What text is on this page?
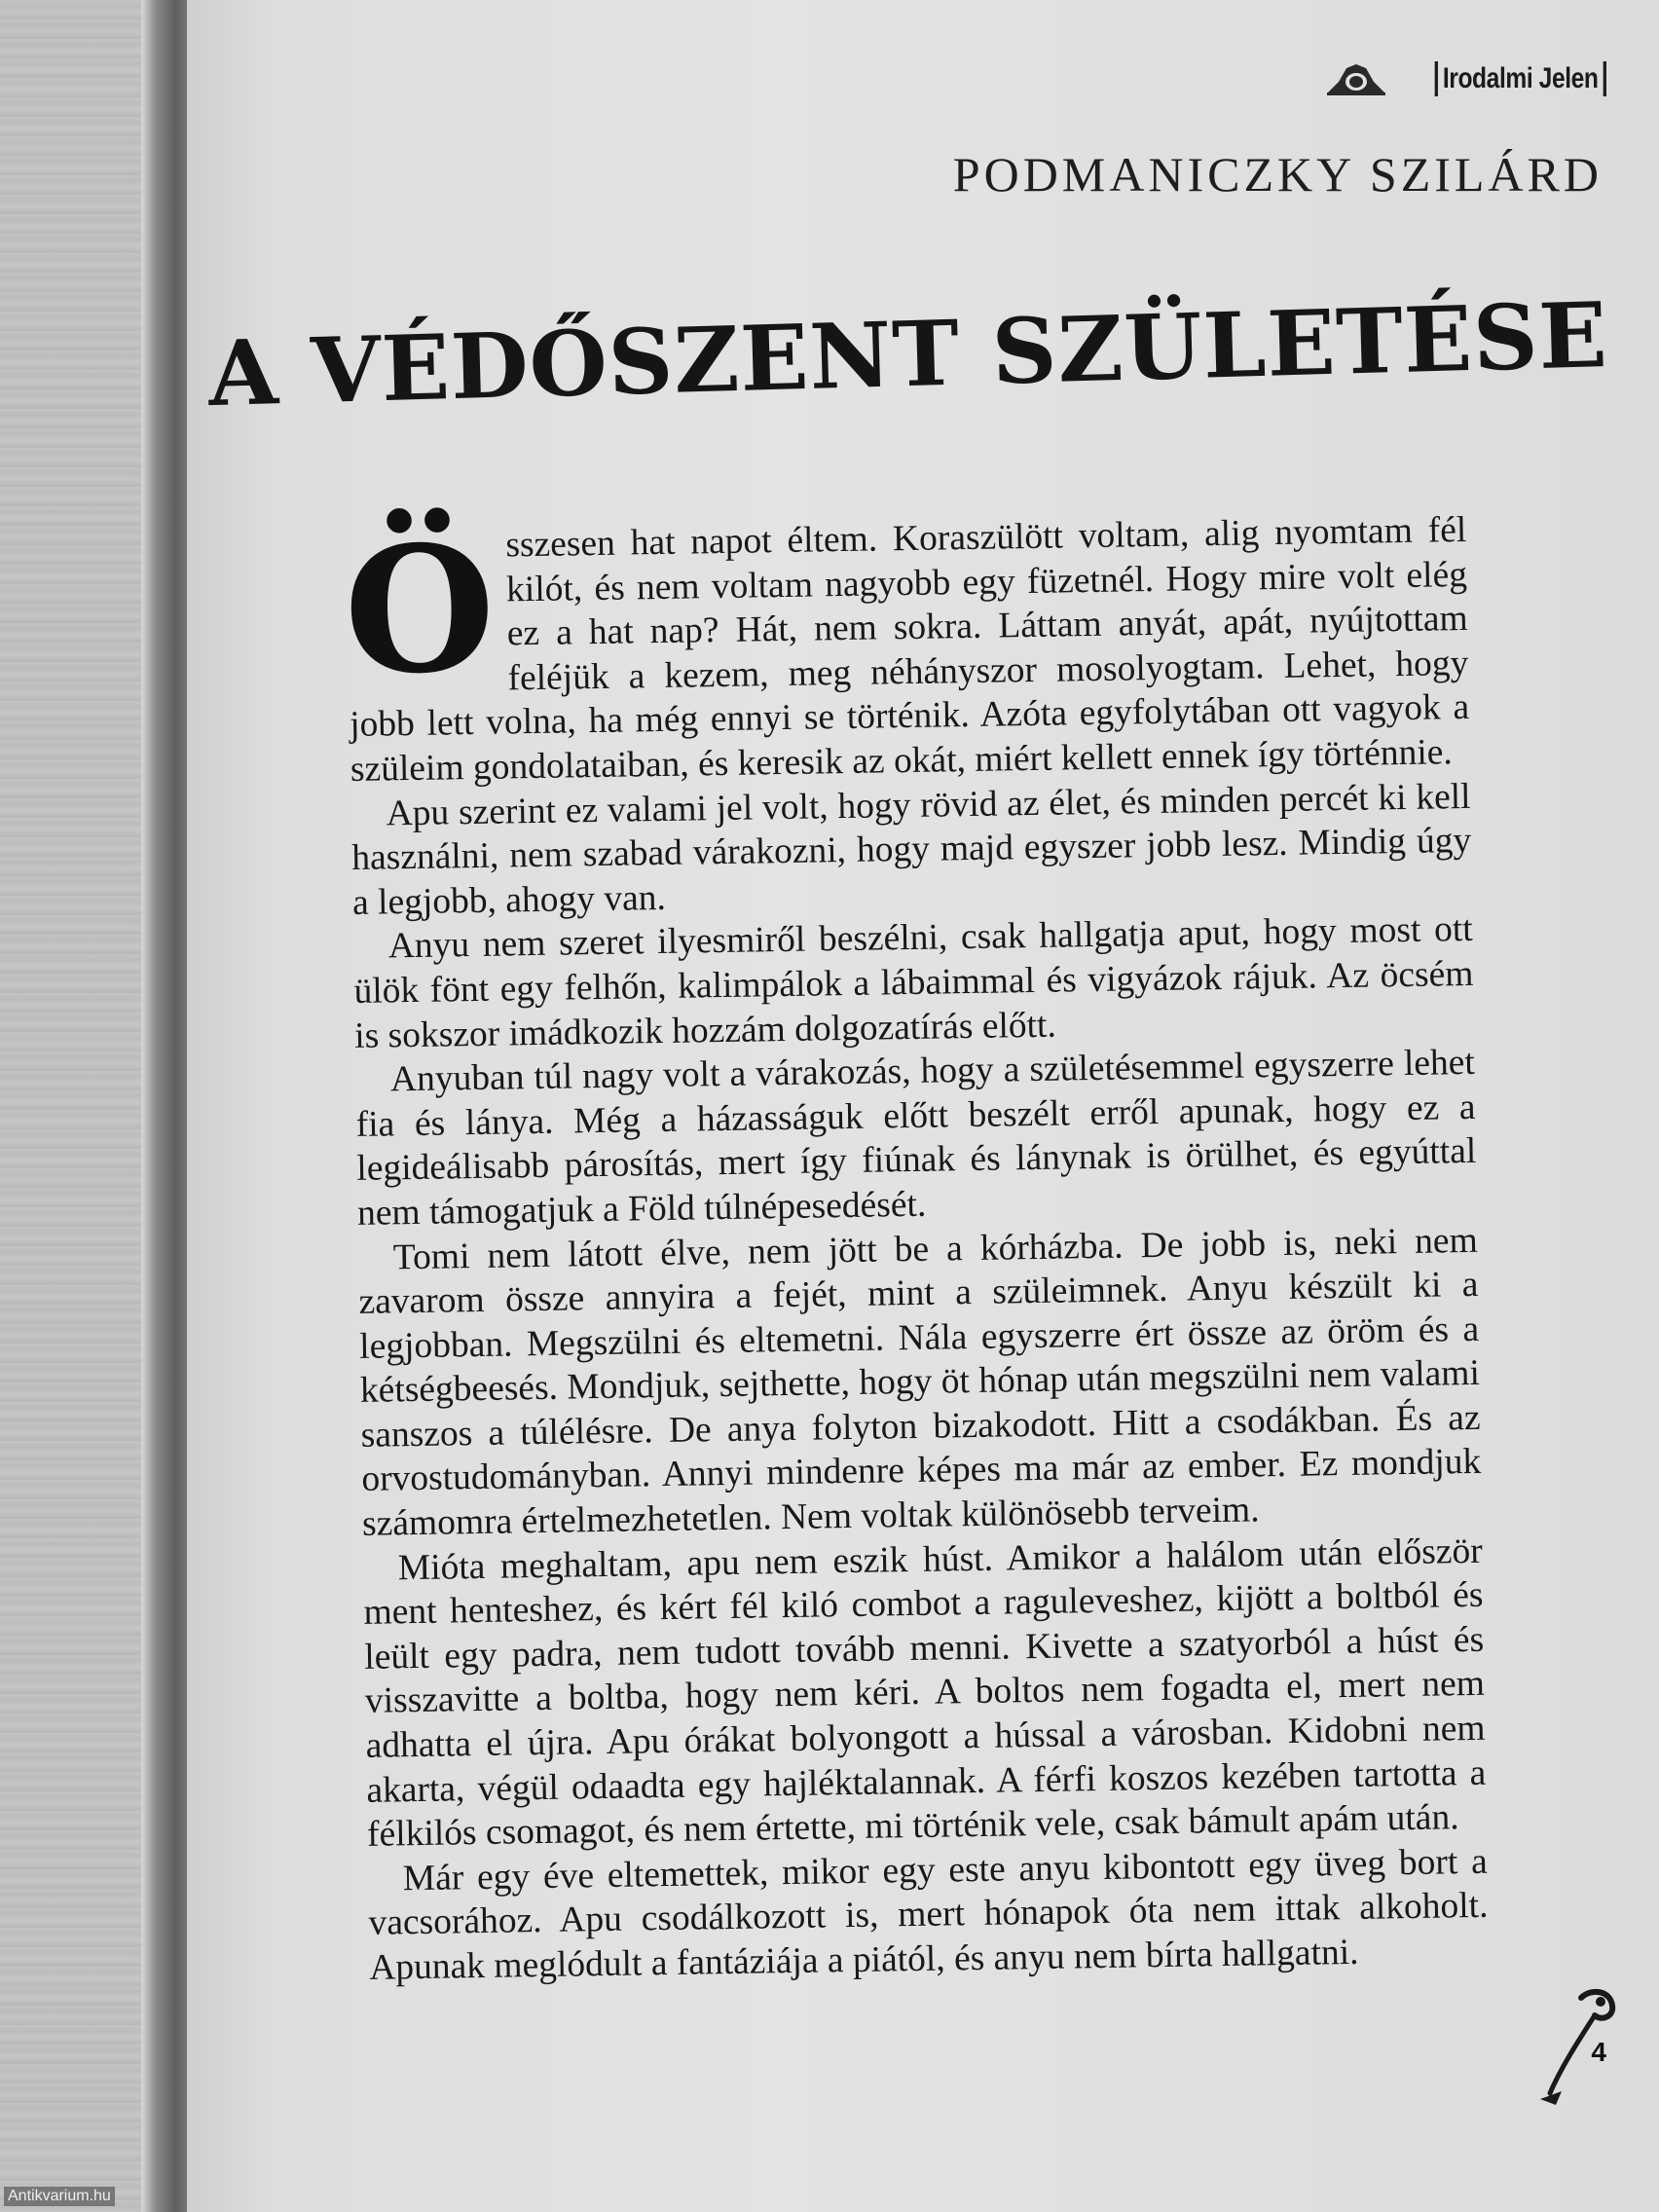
Irodalmi Jelen
PODMANICZKY SZILÁRD
A VÉDŐSZENT SZÜLETÉSE

Összesen hat napot éltem. Koraszülött voltam, alig nyomtam fél kilót, és nem voltam nagyobb egy füzetnél. Hogy mire volt elég ez a hat nap? Hát, nem sokra. Láttam anyát, apát, nyújtottam feléjük a kezem, meg néhányszor mosolyogtam. Lehet, hogy jobb lett volna, ha még ennyi se történik. Azóta egyfolytában ott vagyok a szüleim gondolataiban, és keresik az okát, miért kellett ennek így történnie.

Apu szerint ez valami jel volt, hogy rövid az élet, és minden percét ki kell használni, nem szabad várakozni, hogy majd egyszer jobb lesz. Mindig úgy a legjobb, ahogy van.

Anyu nem szeret ilyesmiről beszélni, csak hallgatja aput, hogy most ott ülök fönt egy felhőn, kalimpálok a lábaimmal és vigyázok rájuk. Az öcsém is sokszor imádkozik hozzám dolgozatírás előtt.

Anyuban túl nagy volt a várakozás, hogy a születésemmel egyszerre lehet fia és lánya. Még a házasságuk előtt beszélt erről apunak, hogy ez a legideálisabb párosítás, mert így fiúnak és lánynak is örülhet, és egyúttal nem támogatjuk a Föld túlnépesedését.

Tomi nem látott élve, nem jött be a kórházba. De jobb is, neki nem zavarom össze annyira a fejét, mint a szüleimnek. Anyu készült ki a legjobban. Megszülni és eltemetni. Nála egyszerre ért össze az öröm és a kétségbeesés. Mondjuk, sejthette, hogy öt hónap után megszülni nem valami sanszos a túlélésre. De anya folyton bizakodott. Hitt a csodákban. És az orvostudományban. Annyi mindenre képes ma már az ember. Ez mondjuk számomra értelmezhetetlen. Nem voltak különösebb terveim.

Mióta meghaltam, apu nem eszik húst. Amikor a halálom után először ment henteshez, és kért fél kiló combot a raguleveshez, kijött a boltból és leült egy padra, nem tudott tovább menni. Kivette a szatyorból a húst és visszavitte a boltba, hogy nem kéri. A boltos nem fogadta el, mert nem adhatta el újra. Apu órákat bolyongott a hússal a városban. Kidobni nem akarta, végül odaadta egy hajléktalannak. A férfi koszos kezében tartotta a félkilós csomagot, és nem értette, mi történik vele, csak bámult apám után.

Már egy éve eltemettek, mikor egy este anyu kibontott egy üveg bort a vacsorához. Apu csodálkozott is, mert hónapok óta nem ittak alkoholt. Apunak meglódult a fantáziája a piától, és anyu nem bírta hallgatni.

4
Antikvarium.hu
